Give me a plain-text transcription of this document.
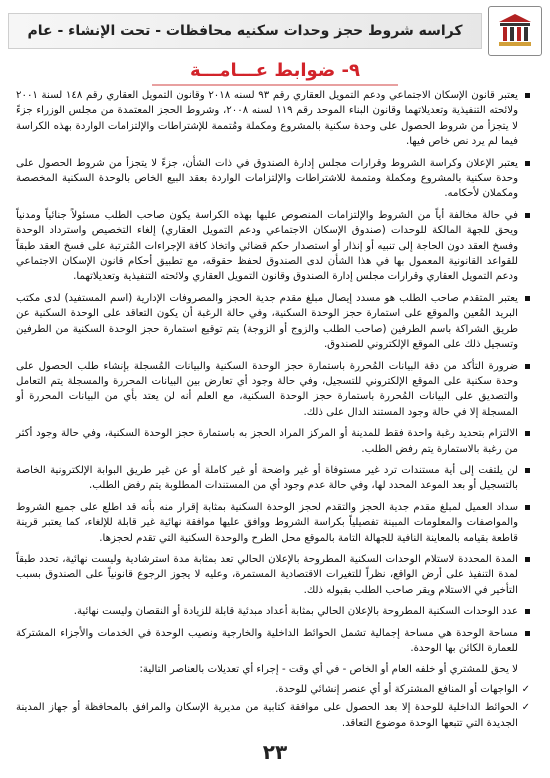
كراسه شروط حجز وحدات سكنيه محافظات - تحت الإنشاء - عام
٩- ضوابط عـــامـــة
يعتبر قانون الإسكان الاجتماعي ودعم التمويل العقاري رقم ٩٣ لسنه ٢٠١٨ وقانون التمويل العقاري رقم ١٤٨ لسنة ٢٠٠١ ولائحته التنفيذية وتعديلاتهما وقانون البناء الموحد رقم ١١٩ لسنه ٢٠٠٨، وشروط الحجز المعتمدة من مجلس الوزراء جزءً لا يتجزأ من شروط الحصول على وحدة سكنية بالمشروع ومكملة ومُتممة للإشتراطات والإلتزامات الواردة بهذه الكراسة فيما لم يرد نص خاص فيها.
يعتبر الإعلان وكراسة الشروط وقرارات مجلس إدارة الصندوق في ذات الشأن، جزءً لا يتجزأ من شروط الحصول على وحدة سكنية بالمشروع ومكملة ومتممة للاشتراطات والإلتزامات الواردة بعقد البيع الخاص بالوحدة السكنية المخصصة ومكملان لأحكامه.
في حالة مخالفة أياً من الشروط والإلتزامات المنصوص عليها بهذه الكراسة يكون صاحب الطلب مسئولاً جنائياً ومدنياً ويحق للجهة المالكة للوحدات (صندوق الإسكان الاجتماعي ودعم التمويل العقاري) إلغاء التخصيص واسترداد الوحدة وفسخ العقد دون الحاجة إلى تنبيه أو إنذار أو استصدار حكم قضائي واتخاذ كافة الإجراءات المُترتبة على فسخ العقد طبقاً للقواعد القانونية المعمول بها في هذا الشأن لدى الصندوق لحفظ حقوقه، مع تطبيق أحكام قانون الإسكان الاجتماعي ودعم التمويل العقاري وقرارات مجلس إدارة الصندوق وقانون التمويل العقاري ولائحته التنفيذية وتعديلاتهما.
يعتبر المتقدم صاحب الطلب هو مسدد إيصال مبلغ مقدم جدية الحجز والمصروفات الإدارية (اسم المستفيد) لدى مكتب البريد المُعين والموقع على استمارة حجز الوحدة السكنية، وفي حالة الرغبة أن يكون التعاقد على الوحدة السكنية عن طريق الشراكة باسم الطرفين (صاحب الطلب والزوج أو الزوجة) يتم توقيع استمارة حجز الوحدة السكنية من الطرفين وتسجيل ذلك على الموقع الإلكتروني للصندوق.
ضرورة التأكد من دقة البيانات المُحررة باستمارة حجز الوحدة السكنية والبيانات المُسجلة بإنشاء طلب الحصول على وحدة سكنية على الموقع الإلكتروني للتسجيل، وفي حالة وجود أي تعارض بين البيانات المحررة والمسجلة يتم التعامل والتصديق على البيانات المُحررة باستمارة حجز الوحدة السكنية، مع العلم أنه لن يعتد بأي من البيانات المحررة أو المسجلة إلا في حالة وجود المستند الدال على ذلك.
الالتزام بتحديد رغبة واحدة فقط للمدينة أو المركز المراد الحجز به باستمارة حجز الوحدة السكنية، وفي حالة وجود أكثر من رغبة بالاستمارة يتم رفض الطلب.
لن يلتفت إلى أية مستندات ترد غير مستوفاة أو غير واضحة أو غير كاملة أو عن غير طريق البوابة الإلكترونية الخاصة بالتسجيل أو بعد الموعد المحدد لها، وفي حالة عدم وجود أي من المستندات المطلوبة يتم رفض الطلب.
سداد العميل لمبلغ مقدم جدية الحجز والتقدم لحجز الوحدة السكنية بمثابة إقرار منه بأنه قد اطلع على جميع الشروط والمواصفات والمعلومات المبينة تفصيلياً بكراسة الشروط ووافق عليها موافقة نهائية غير قابلة للإلغاء، كما يعتبر قرينة قاطعة بقيامه بالمعاينة النافية للجهالة التامة بالموقع محل الطرح والوحدة السكنية التي تقدم لحجزها.
المدة المحددة لاستلام الوحدات السكنية المطروحة بالإعلان الحالي تعد بمثابة مدة استرشادية وليست نهائية، تحدد طبقاً لمدة التنفيذ على أرض الواقع، نظراً للتغيرات الاقتصادية المستمرة، وعليه لا يجوز الرجوع قانونياً على الصندوق بسبب التأخير في الاستلام ويقر صاحب الطلب بقبوله ذلك.
عدد الوحدات السكنية المطروحة بالإعلان الحالي بمثابة أعداد مبدئية قابلة للزيادة أو النقصان وليست نهائية.
مساحة الوحدة هي مساحة إجمالية تشمل الحوائط الداخلية والخارجية ونصيب الوحدة في الخدمات والأجزاء المشتركة للعمارة الكائن بها الوحدة.
لا يحق للمشتري أو خلفه العام أو الخاص - في أي وقت - إجراء أي تعديلات بالعناصر التالية:
✓
الواجهات أو المنافع المشتركة أو أي عنصر إنشائي للوحدة.
✓
الحوائط الداخلية للوحدة إلا بعد الحصول على موافقة كتابية من مديرية الإسكان والمرافق بالمحافظة أو جهاز المدينة الجديدة التي تتبعها الوحدة موضوع التعاقد.
٢٣
